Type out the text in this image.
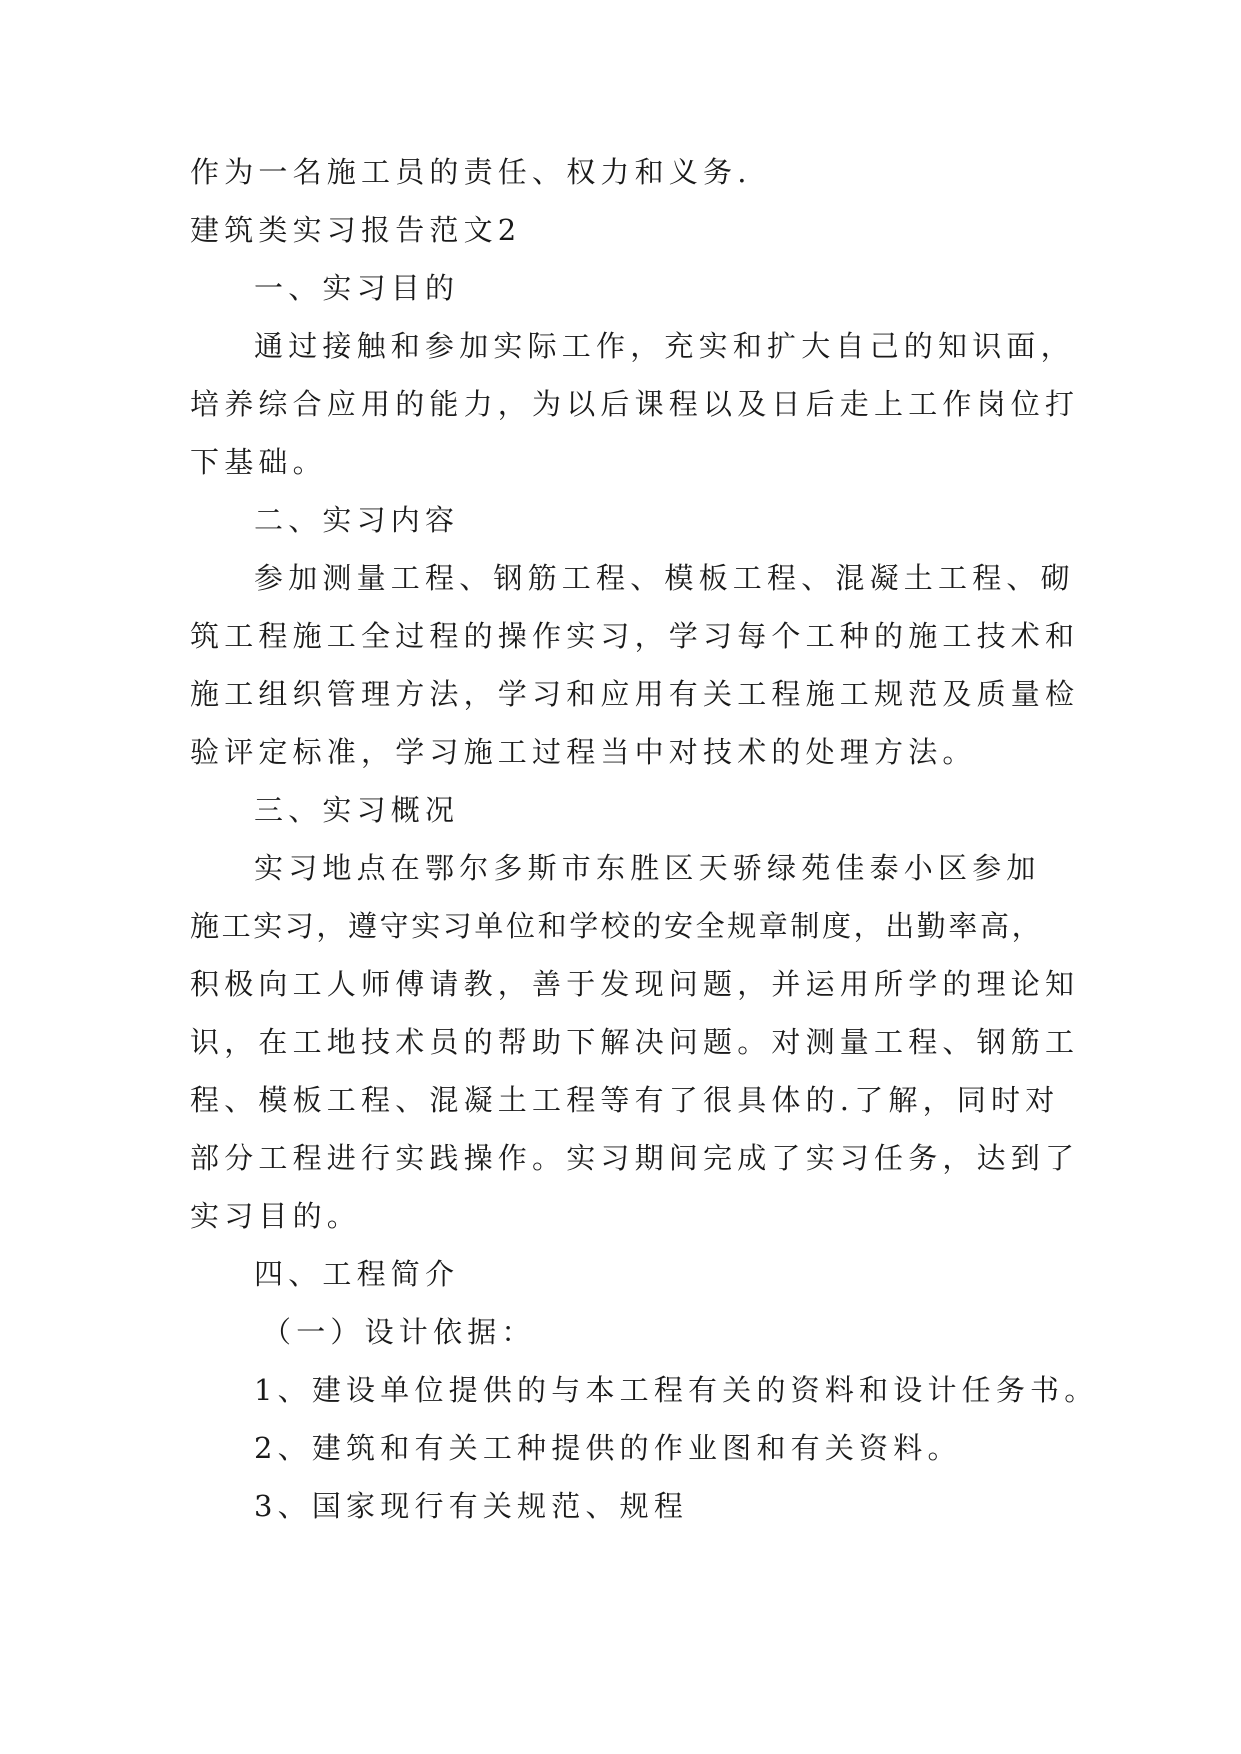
作为一名施工员的责任、权力和义务.
建筑类实习报告范文2
一、实习目的
通过接触和参加实际工作，充实和扩大自己的知识面，
培养综合应用的能力，为以后课程以及日后走上工作岗位打
下基础。
二、实习内容
参加测量工程、钢筋工程、模板工程、混凝土工程、砌
筑工程施工全过程的操作实习，学习每个工种的施工技术和
施工组织管理方法，学习和应用有关工程施工规范及质量检
验评定标准，学习施工过程当中对技术的处理方法。
三、实习概况
实习地点在鄂尔多斯市东胜区天骄绿苑佳泰小区参加
施工实习，遵守实习单位和学校的安全规章制度，出勤率高，
积极向工人师傅请教，善于发现问题，并运用所学的理论知
识，在工地技术员的帮助下解决问题。对测量工程、钢筋工
程、模板工程、混凝土工程等有了很具体的.了解，同时对
部分工程进行实践操作。实习期间完成了实习任务，达到了
实习目的。
四、工程简介
（一）设计依据：
1、建设单位提供的与本工程有关的资料和设计任务书。
2、建筑和有关工种提供的作业图和有关资料。
3、国家现行有关规范、规程
